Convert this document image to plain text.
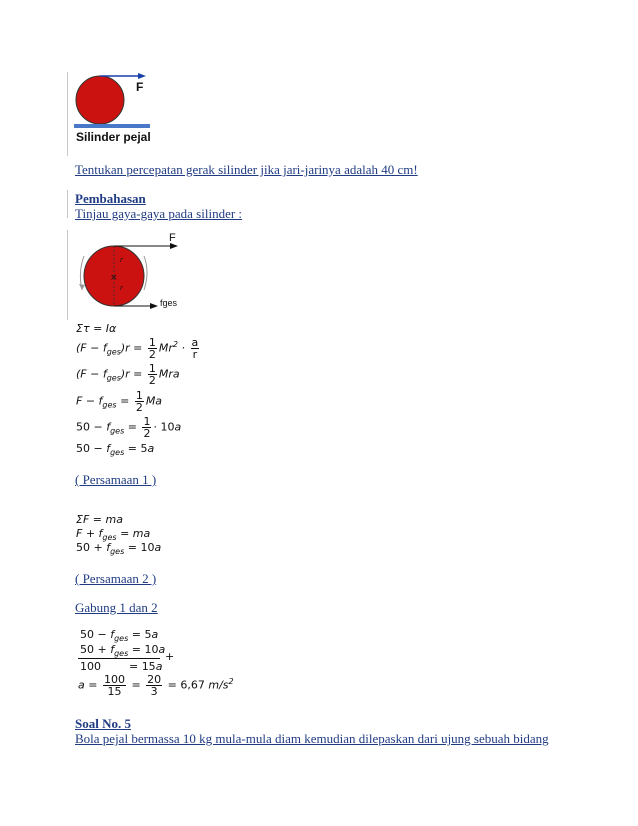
F
Silinder pejal
Tentukan percepatan gerak silinder jika jari-jarinya adalah 40 cm!
Pembahasan
Tinjau gaya-gaya pada silinder :
×
F
r
r
fges
Στ = Iα
$(F - f_{ges})r = \frac{1}{2} Mr^2 \cdot \frac{a}{r}$
$(F - f_{ges})r = \frac{1}{2}$ Mra
$F - f_{ges} = \frac{1}{2}$ Ma
$50 - f_{ges} = \frac{1}{2} \cdot 10a$
$50 - f_{ges} = 5a$
( Persamaan 1 )
ΣF = ma
$F + f_{ges}$ = ma
$50 + f_{ges} = 10a$
( Persamaan 2 )
Gabung 1 dan 2
$50 - f_{ges} = 5a$
$50 + f_{ges} = 10a$
+
100        = 15a
$a = \frac{100}{15} = \frac{20}{3} = 6,67$ $m/s^2$
Soal No. 5
Bola pejal bermassa 10 kg mula-mula diam kemudian dilepaskan dari ujung sebuah bidang
